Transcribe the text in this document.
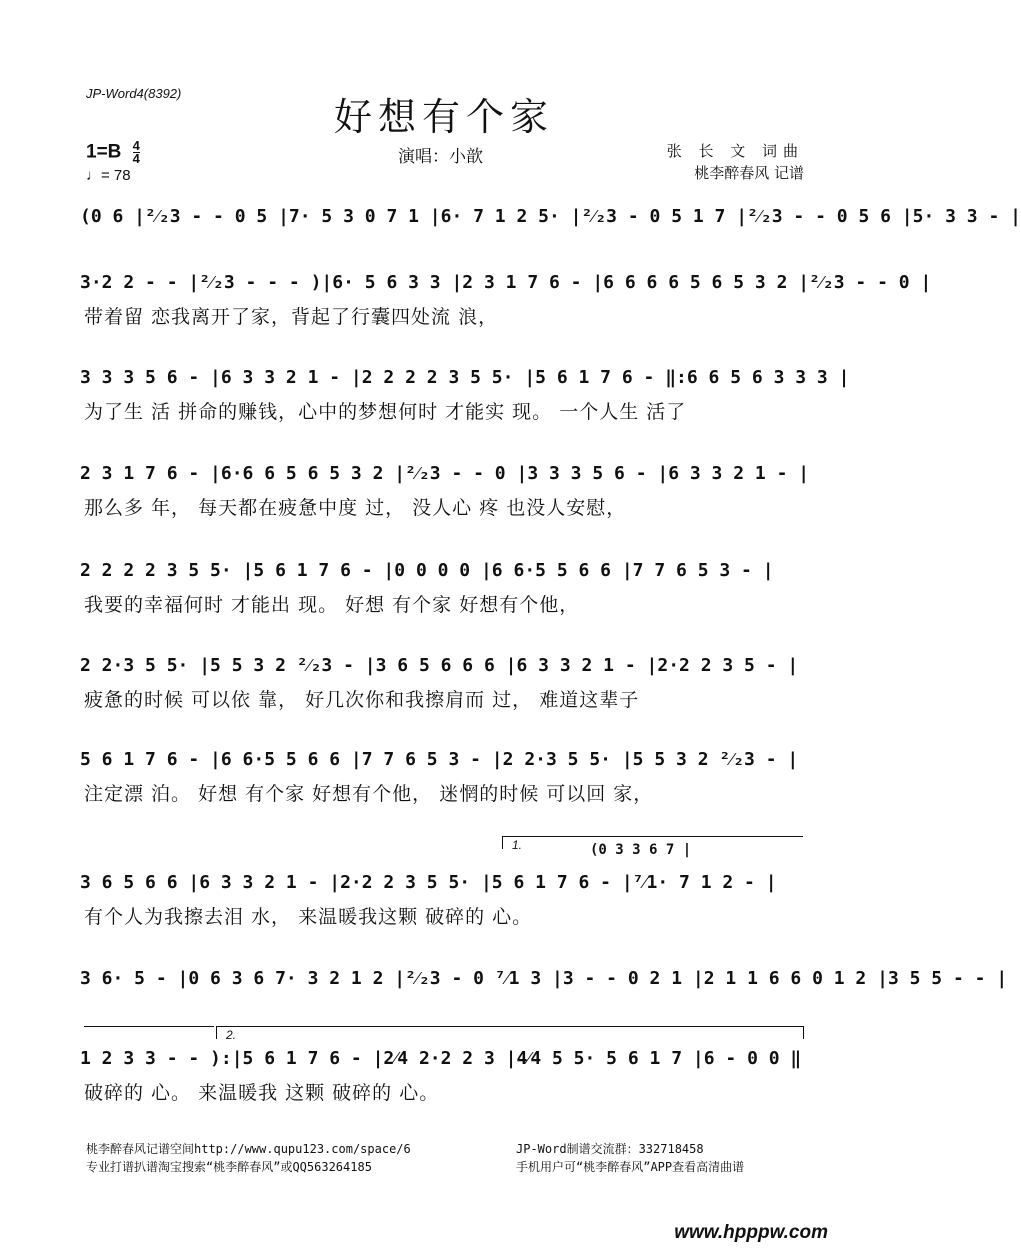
JP-Word4(8392)
好想有个家
$1=B \frac{4}{4}$
♩= 78
演唱：小歆	张 长 文 词曲
桃李醉春风 记谱
1.	(0 3 3 6 7 |
2.
(0 6 |²⁄₂3 - - 0 5 |7· 5 3 0 7 1 |6· 7 1 2 5· |²⁄₂3 - 0 5 1 7 |²⁄₂3 - - 0 5 6 |5· 3 3 - |
3·2 2 - - |²⁄₂3 - - - )|6· 5 6 3 3 |2 3 1 7 6 - |6 6 6 6 5 6 5 3 2 |²⁄₂3 - - 0 |
带着留 恋我离开了家，背起了行囊四处流 浪，
3 3 3 5 6 - |6 3 3 2 1 - |2 2 2 2 3 5 5· |5 6 1 7 6 - ‖:6 6 5 6 3 3 3 |
为了生 活 拼命的赚钱，心中的梦想何时 才能实 现。 一个人生 活了
2 3 1 7 6 - |6·6 6 5 6 5 3 2 |²⁄₂3 - - 0 |3 3 3 5 6 - |6 3 3 2 1 - |
那么多 年， 每天都在疲惫中度 过， 没人心 疼 也没人安慰，
2 2 2 2 3 5 5· |5 6 1 7 6 - |0 0 0 0 |6 6·5 5 6 6 |7 7 6 5 3 - |
我要的幸福何时 才能出 现。 好想 有个家 好想有个他，
2 2·3 5 5· |5 5 3 2 ²⁄₂3 - |3 6 5 6 6 6 |6 3 3 2 1 - |2·2 2 3 5 - |
疲惫的时候 可以依 靠， 好几次你和我擦肩而 过， 难道这辈子
5 6 1 7 6 - |6 6·5 5 6 6 |7 7 6 5 3 - |2 2·3 5 5· |5 5 3 2 ²⁄₂3 - |
注定漂 泊。 好想 有个家 好想有个他， 迷惘的时候 可以回 家，
3 6 5 6 6 |6 3 3 2 1 - |2·2 2 3 5 5· |5 6 1 7 6 - |⁷⁄1· 7 1 2 - |
有个人为我擦去泪 水， 来温暖我这颗 破碎的 心。
3 6· 5 - |0 6 3 6 7· 3 2 1 2 |²⁄₂3 - 0 ⁷⁄1 3 |3 - - 0 2 1 |2 1 1 6 6 0 1 2 |3 5 5 - - |
1 2 3 3 - - ):|5 6 1 7 6 - |2⁄4 2·2 2 3 |4⁄4 5 5· 5 6 1 7 |6 - 0 0 ‖
破碎的 心。 来温暖我 这颗 破碎的 心。
桃李醉春风记谱空间http://www.qupu123.com/space/6
专业打谱扒谱淘宝搜索“桃李醉春风”或QQ563264185
JP-Word制谱交流群：332718458
手机用户可“桃李醉春风”APP查看高清曲谱
www.hpppw.com
